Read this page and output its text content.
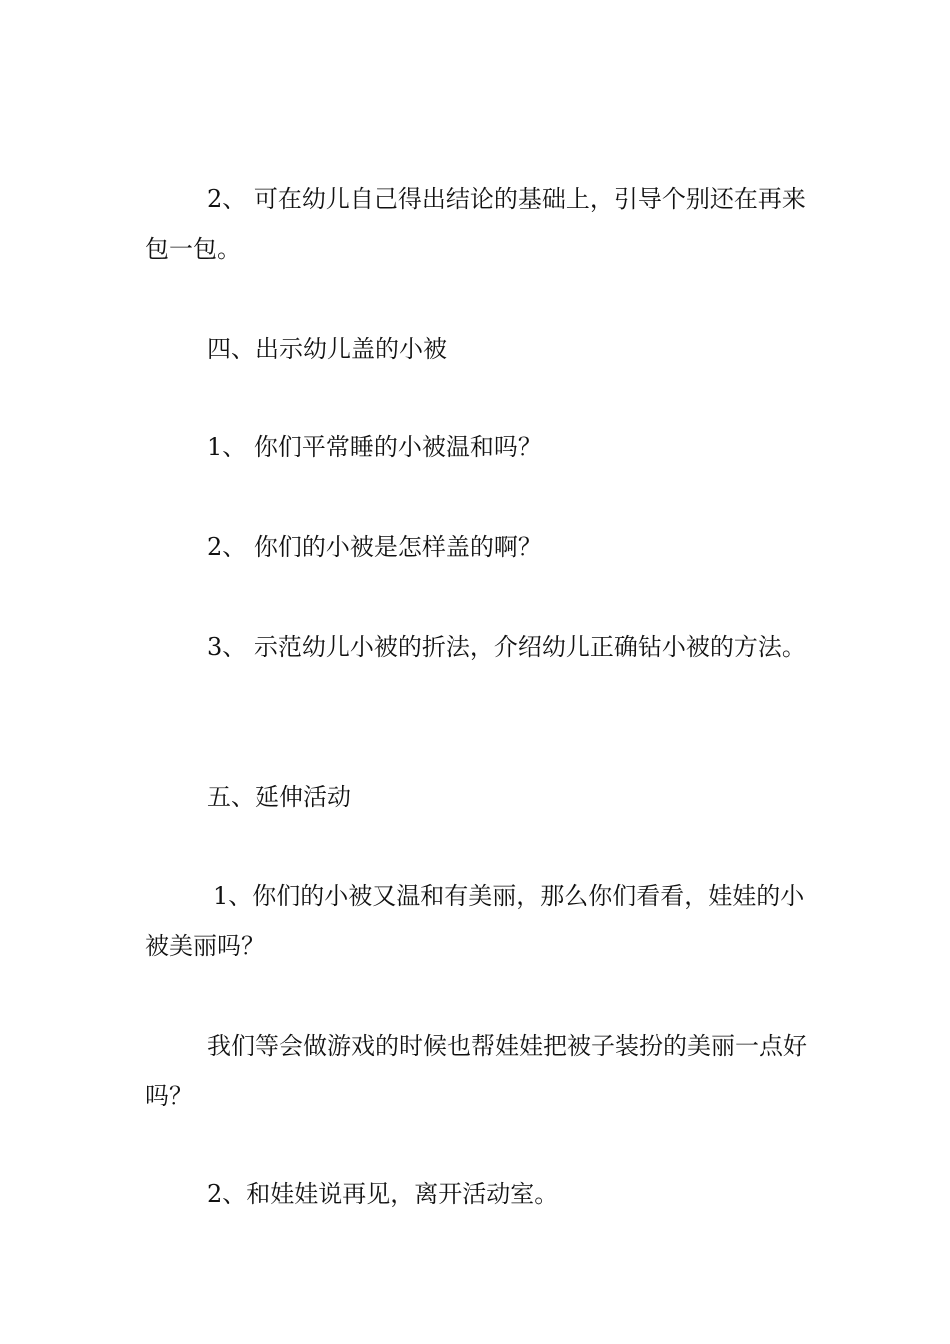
2、 可在幼儿自己得出结论的基础上，引导个别还在再来包一包。

四、出示幼儿盖的小被

1、 你们平常睡的小被温和吗？

2、 你们的小被是怎样盖的啊？

3、 示范幼儿小被的折法，介绍幼儿正确钻小被的方法。

五、延伸活动

1、你们的小被又温和有美丽，那么你们看看，娃娃的小被美丽吗？

我们等会做游戏的时候也帮娃娃把被子装扮的美丽一点好吗？

2、和娃娃说再见，离开活动室。
